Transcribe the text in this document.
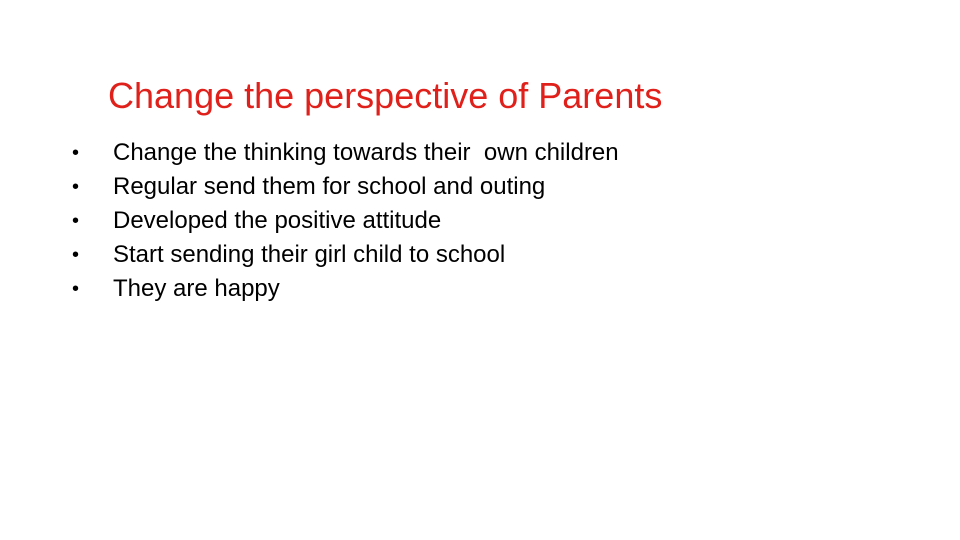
Change the perspective of Parents

•

Change the thinking towards their  own children

•

Regular send them for school and outing

•

Developed the positive attitude

•

Start sending their girl child to school

•

They are happy
